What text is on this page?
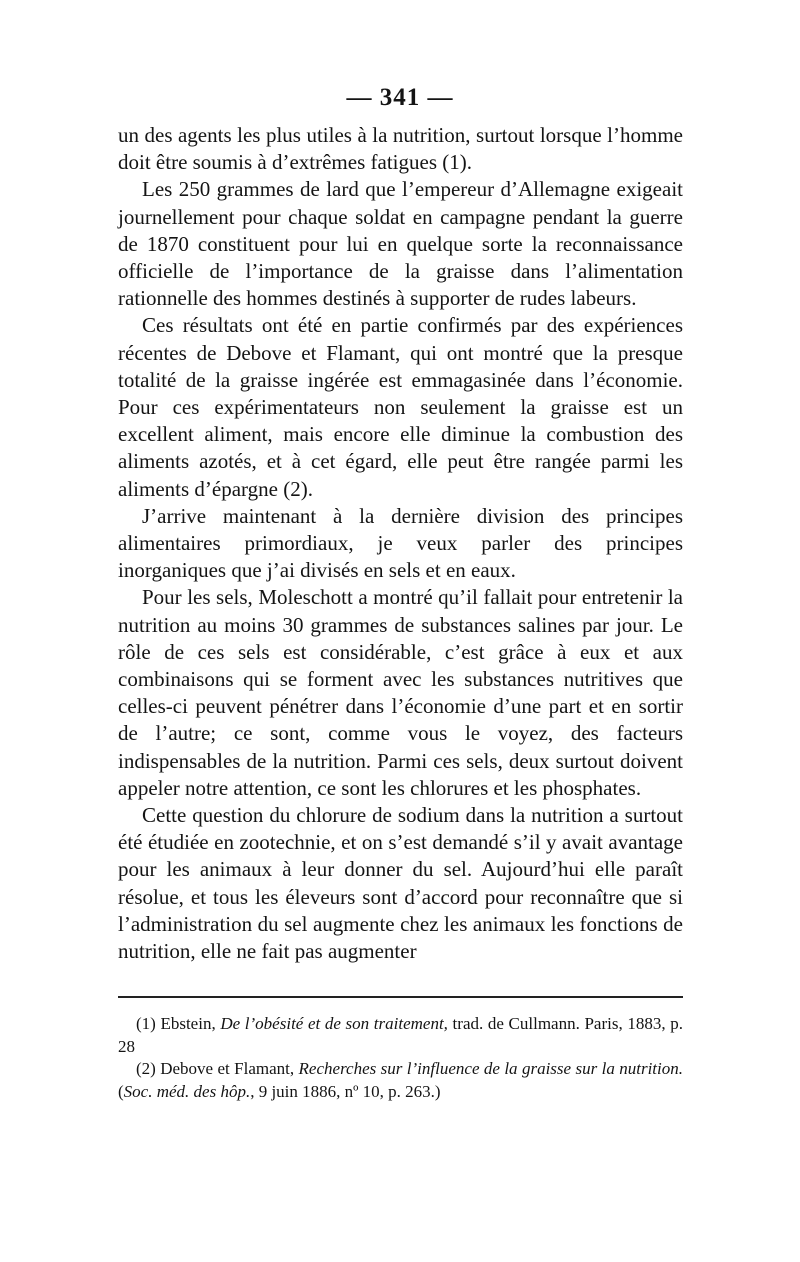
— 341 —

un des agents les plus utiles à la nutrition, surtout lorsque l’homme doit être soumis à d’extrêmes fatigues (1).

Les 250 grammes de lard que l’empereur d’Allemagne exigeait journellement pour chaque soldat en campagne pendant la guerre de 1870 constituent pour lui en quelque sorte la reconnaissance officielle de l’importance de la graisse dans l’alimentation rationnelle des hommes destinés à supporter de rudes labeurs.

Ces résultats ont été en partie confirmés par des expériences récentes de Debove et Flamant, qui ont montré que la presque totalité de la graisse ingérée est emmagasinée dans l’économie. Pour ces expérimentateurs non seulement la graisse est un excellent aliment, mais encore elle diminue la combustion des aliments azotés, et à cet égard, elle peut être rangée parmi les aliments d’épargne (2).

J’arrive maintenant à la dernière division des principes alimentaires primordiaux, je veux parler des principes inorganiques que j’ai divisés en sels et en eaux.

Pour les sels, Moleschott a montré qu’il fallait pour entretenir la nutrition au moins 30 grammes de substances salines par jour. Le rôle de ces sels est considérable, c’est grâce à eux et aux combinaisons qui se forment avec les substances nutritives que celles-ci peuvent pénétrer dans l’économie d’une part et en sortir de l’autre; ce sont, comme vous le voyez, des facteurs indispensables de la nutrition. Parmi ces sels, deux surtout doivent appeler notre attention, ce sont les chlorures et les phosphates.

Cette question du chlorure de sodium dans la nutrition a surtout été étudiée en zootechnie, et on s’est demandé s’il y avait avantage pour les animaux à leur donner du sel. Aujourd’hui elle paraît résolue, et tous les éleveurs sont d’accord pour reconnaître que si l’administration du sel augmente chez les animaux les fonctions de nutrition, elle ne fait pas augmenter

(1) Ebstein, De l’obésité et de son traitement, trad. de Cullmann. Paris, 1883, p. 28

(2) Debove et Flamant, Recherches sur l’influence de la graisse sur la nutrition. (Soc. méd. des hôp., 9 juin 1886, nº 10, p. 263.)
